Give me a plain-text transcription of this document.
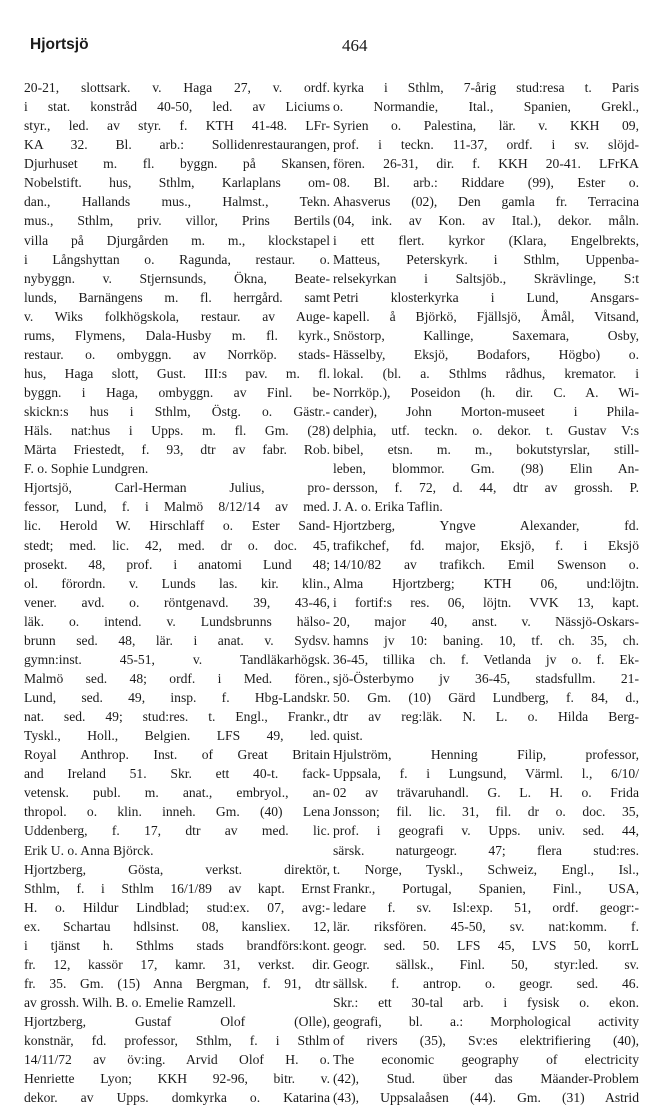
Hjortsjö	464
20-21, slottsark. v. Haga 27, v. ordf.
i stat. konstråd 40-50, led. av Liciums
styr., led. av styr. f. KTH 41-48. LFr-
KA 32. Bl. arb.: Sollidenrestaurangen,
Djurhuset m. fl. byggn. på Skansen,
Nobelstift. hus, Sthlm, Karlaplans om-
dan., Hallands mus., Halmst., Tekn.
mus., Sthlm, priv. villor, Prins Bertils
villa på Djurgården m. m., klockstapel
i Långshyttan o. Ragunda, restaur. o.
nybyggn. v. Stjernsunds, Ökna, Beate-
lunds, Barnängens m. fl. herrgård. samt
v. Wiks folkhögskola, restaur. av Auge-
rums, Flymens, Dala-Husby m. fl. kyrk.,
restaur. o. ombyggn. av Norrköp. stads-
hus, Haga slott, Gust. III:s pav. m. fl.
byggn. i Haga, ombyggn. av Finl. be-
skickn:s hus i Sthlm, Östg. o. Gästr.-
Häls. nat:hus i Upps. m. fl. Gm. (28)
Märta Friestedt, f. 93, dtr av fabr. Rob.
F. o. Sophie Lundgren.
Hjortsjö, Carl-Herman Julius, pro-
fessor, Lund, f. i Malmö 8/12/14 av med.
lic. Herold W. Hirschlaff o. Ester Sand-
stedt; med. lic. 42, med. dr o. doc. 45,
prosekt. 48, prof. i anatomi Lund 48;
ol. förordn. v. Lunds las. kir. klin.,
vener. avd. o. röntgenavd. 39, 43-46,
läk. o. intend. v. Lundsbrunns hälso-
brunn sed. 48, lär. i anat. v. Sydsv.
gymn:inst. 45-51, v. Tandläkarhögsk.
Malmö sed. 48; ordf. i Med. fören.,
Lund, sed. 49, insp. f. Hbg-Landskr.
nat. sed. 49; stud:res. t. Engl., Frankr.,
Tyskl., Holl., Belgien. LFS 49, led.
Royal Anthrop. Inst. of Great Britain
and Ireland 51. Skr. ett 40-t. fack-
vetensk. publ. m. anat., embryol., an-
thropol. o. klin. inneh. Gm. (40) Lena
Uddenberg, f. 17, dtr av med. lic.
Erik U. o. Anna Björck.
Hjortzberg, Gösta, verkst. direktör,
Sthlm, f. i Sthlm 16/1/89 av kapt. Ernst
H. o. Hildur Lindblad; stud:ex. 07, avg:-
ex. Schartau hdlsinst. 08, kansliex. 12,
i tjänst h. Sthlms stads brandförs:kont.
fr. 12, kassör 17, kamr. 31, verkst. dir.
fr. 35. Gm. (15) Anna Bergman, f. 91, dtr
av grossh. Wilh. B. o. Emelie Ramzell.
Hjortzberg, Gustaf Olof (Olle),
konstnär, fd. professor, Sthlm, f. i Sthlm
14/11/72 av öv:ing. Arvid Olof H. o.
Henriette Lyon; KKH 92-96, bitr. v.
dekor. av Upps. domkyrka o. Katarina
kyrka i Sthlm, 7-årig stud:resa t. Paris
o. Normandie, Ital., Spanien, Grekl.,
Syrien o. Palestina, lär. v. KKH 09,
prof. i teckn. 11-37, ordf. i sv. slöjd-
fören. 26-31, dir. f. KKH 20-41. LFrKA
08. Bl. arb.: Riddare (99), Ester o.
Ahasverus (02), Den gamla fr. Terracina
(04, ink. av Kon. av Ital.), dekor. måln.
i ett flert. kyrkor (Klara, Engelbrekts,
Matteus, Peterskyrk. i Sthlm, Uppenba-
relsekyrkan i Saltsjöb., Skrävlinge, S:t
Petri klosterkyrka i Lund, Ansgars-
kapell. å Björkö, Fjällsjö, Åmål, Vitsand,
Snöstorp, Kallinge, Saxemara, Osby,
Hässelby, Eksjö, Bodafors, Högbo) o.
lokal. (bl. a. Sthlms rådhus, kremator. i
Norrköp.), Poseidon (h. dir. C. A. Wi-
cander), John Morton-museet i Phila-
delphia, utf. teckn. o. dekor. t. Gustav V:s
bibel, etsn. m. m., bokutstyrslar, still-
leben, blommor. Gm. (98) Elin An-
dersson, f. 72, d. 44, dtr av grossh. P.
J. A. o. Erika Taflin.
Hjortzberg, Yngve Alexander, fd.
trafikchef, fd. major, Eksjö, f. i Eksjö
14/10/82 av trafikch. Emil Swenson o.
Alma Hjortzberg; KTH 06, und:löjtn.
i fortif:s res. 06, löjtn. VVK 13, kapt.
20, major 40, anst. v. Nässjö-Oskars-
hamns jv 10: baning. 10, tf. ch. 35, ch.
36-45, tillika ch. f. Vetlanda jv o. f. Ek-
sjö-Österbymo jv 36-45, stadsfullm. 21-
50. Gm. (10) Gärd Lundberg, f. 84, d.,
dtr av reg:läk. N. L. o. Hilda Berg-
quist.
Hjulström, Henning Filip, professor,
Uppsala, f. i Lungsund, Värml. l., 6/10/
02 av trävaruhandl. G. L. H. o. Frida
Jonsson; fil. lic. 31, fil. dr o. doc. 35,
prof. i geografi v. Upps. univ. sed. 44,
särsk. naturgeogr. 47; flera stud:res.
t. Norge, Tyskl., Schweiz, Engl., Isl.,
Frankr., Portugal, Spanien, Finl., USA,
ledare f. sv. Isl:exp. 51, ordf. geogr:-
lär. riksfören. 45-50, sv. nat:komm. f.
geogr. sed. 50. LFS 45, LVS 50, korrL
Geogr. sällsk., Finl. 50, styr:led. sv.
sällsk. f. antrop. o. geogr. sed. 46.
Skr.: ett 30-tal arb. i fysisk o. ekon.
geografi, bl. a.: Morphological activity
of rivers (35), Sv:es elektrifiering (40),
The economic geography of electricity
(42), Stud. über das Mäander-Problem
(43), Uppsalaåsen (44). Gm. (31) Astrid
